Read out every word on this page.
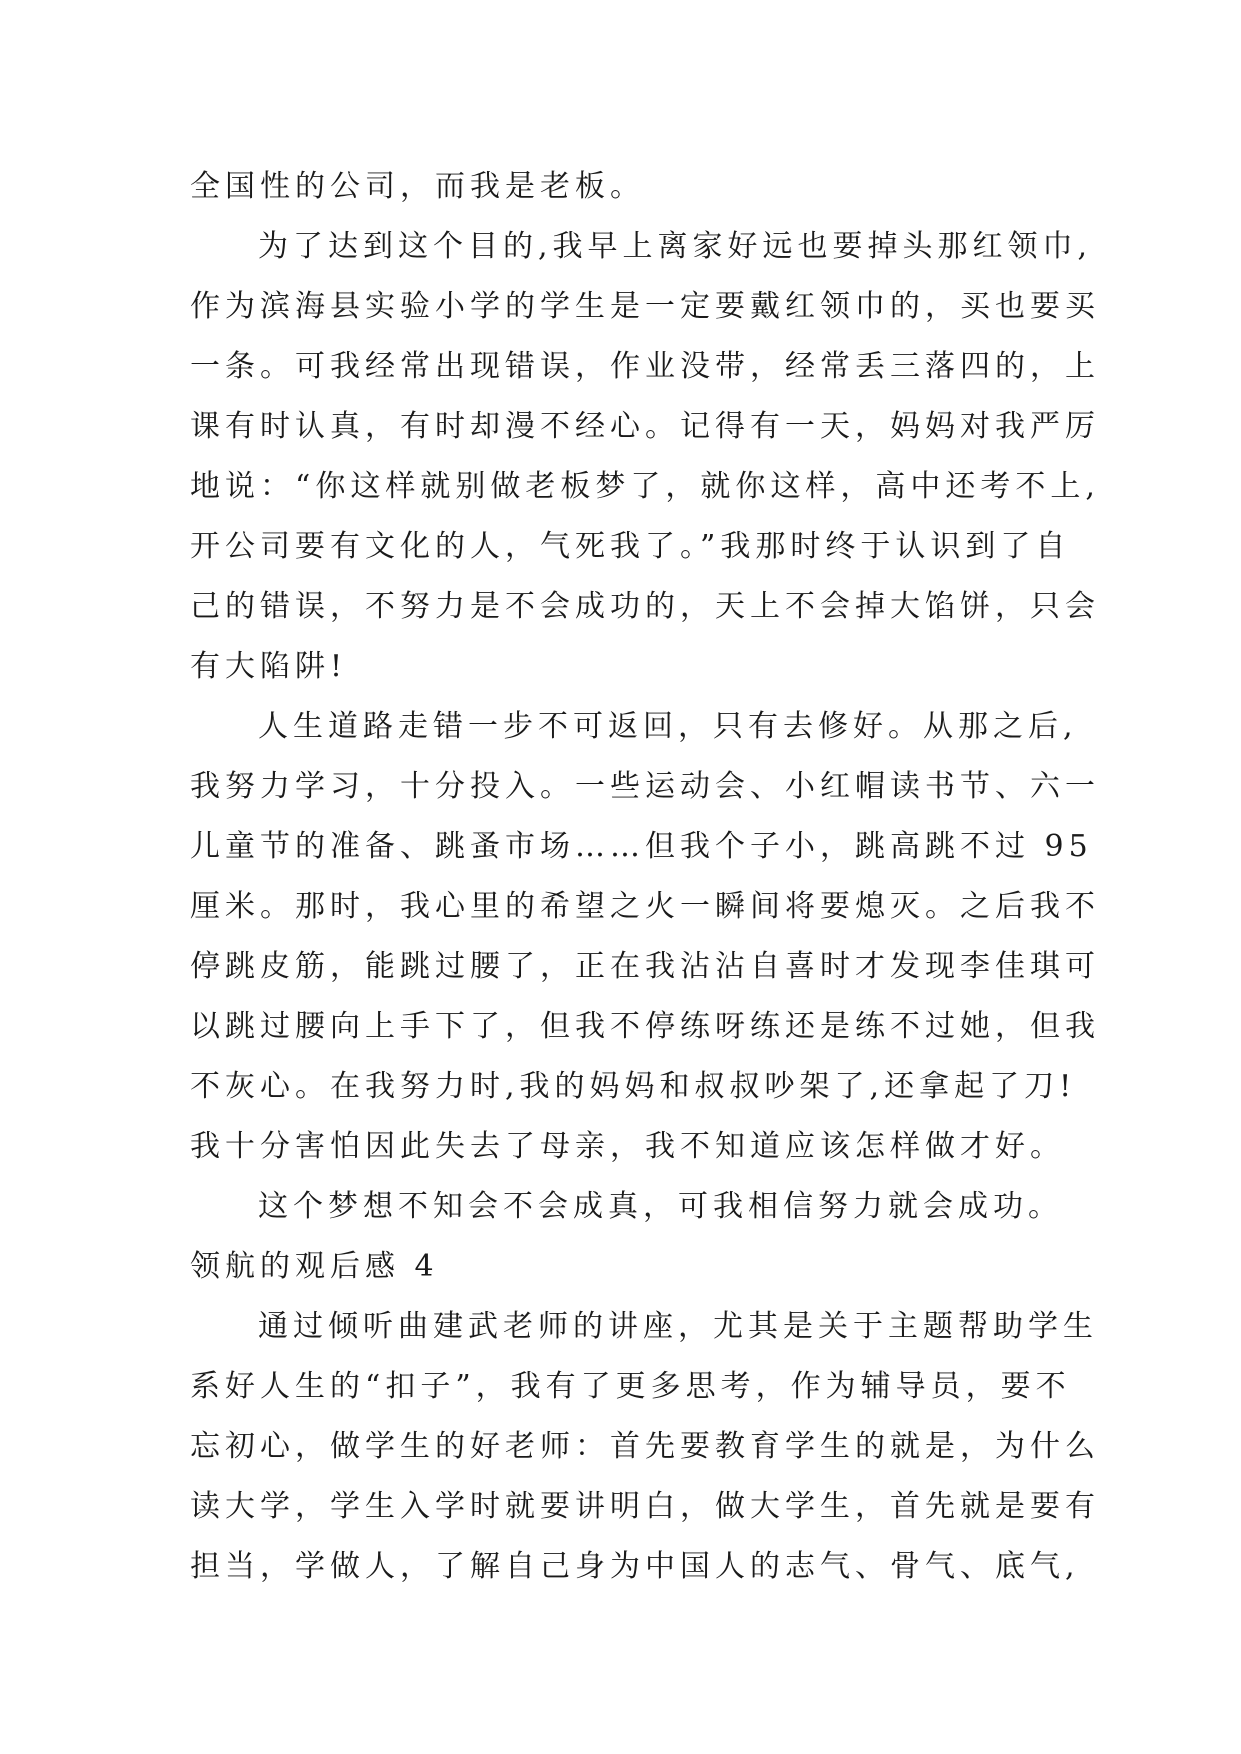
全国性的公司，而我是老板。
为了达到这个目的,我早上离家好远也要掉头那红领巾,
作为滨海县实验小学的学生是一定要戴红领巾的，买也要买
一条。可我经常出现错误，作业没带，经常丢三落四的，上
课有时认真，有时却漫不经心。记得有一天，妈妈对我严厉
地说：“你这样就别做老板梦了，就你这样，高中还考不上,
开公司要有文化的人，气死我了。”我那时终于认识到了自
己的错误，不努力是不会成功的，天上不会掉大馅饼，只会
有大陷阱!
人生道路走错一步不可返回，只有去修好。从那之后,
我努力学习，十分投入。一些运动会、小红帽读书节、六一
儿童节的准备、跳蚤市场……但我个子小，跳高跳不过 95
厘米。那时，我心里的希望之火一瞬间将要熄灭。之后我不
停跳皮筋，能跳过腰了，正在我沾沾自喜时才发现李佳琪可
以跳过腰向上手下了，但我不停练呀练还是练不过她，但我
不灰心。在我努力时,我的妈妈和叔叔吵架了,还拿起了刀!
我十分害怕因此失去了母亲，我不知道应该怎样做才好。
这个梦想不知会不会成真，可我相信努力就会成功。
领航的观后感 4
通过倾听曲建武老师的讲座，尤其是关于主题帮助学生
系好人生的“扣子”，我有了更多思考，作为辅导员，要不
忘初心，做学生的好老师：首先要教育学生的就是，为什么
读大学，学生入学时就要讲明白，做大学生，首先就是要有
担当，学做人，了解自己身为中国人的志气、骨气、底气,
